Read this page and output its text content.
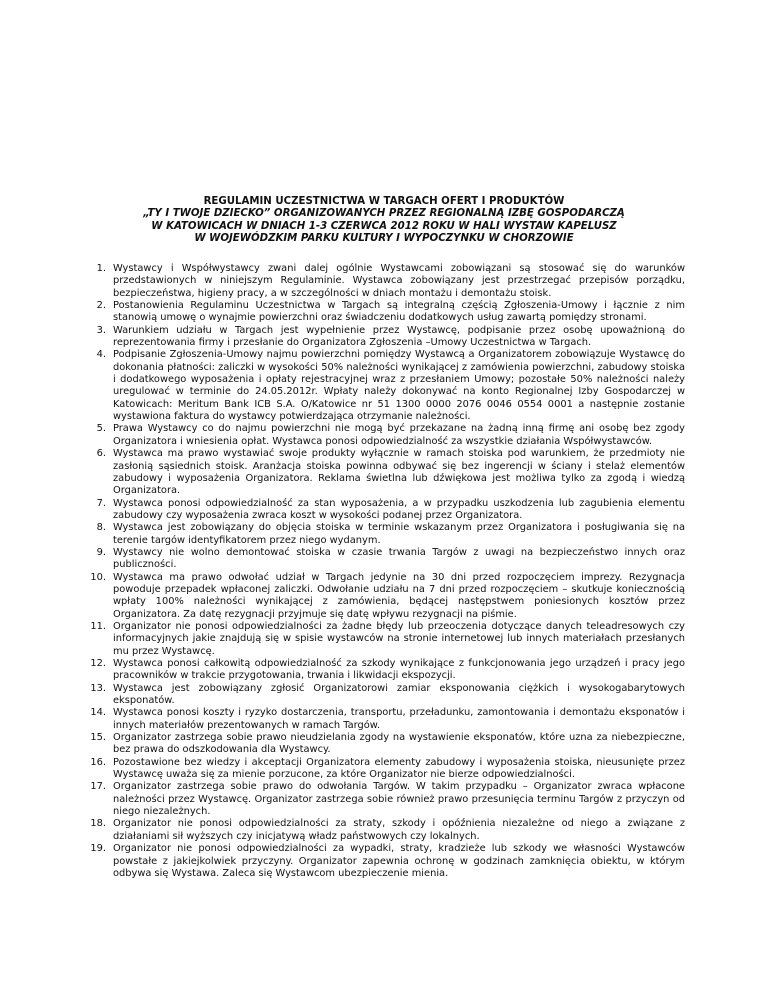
REGULAMIN UCZESTNICTWA W TARGACH OFERT I PRODUKTÓW
„TY I TWOJE DZIECKO” ORGANIZOWANYCH PRZEZ REGIONALNĄ IZBĘ GOSPODARCZĄ
W KATOWICACH W DNIACH 1-3 CZERWCA 2012 ROKU W HALI WYSTAW KAPELUSZ
W WOJEWÓDZKIM PARKU KULTURY I WYPOCZYNKU W CHORZOWIE
1. Wystawcy i Współwystawcy zwani dalej ogólnie Wystawcami zobowiązani są stosować się do warunków przedstawionych w niniejszym Regulaminie. Wystawca zobowiązany jest przestrzegać przepisów porządku, bezpieczeństwa, higieny pracy, a w szczególności w dniach montażu i demontażu stoisk.
2. Postanowienia Regulaminu Uczestnictwa w Targach są integralną częścią Zgłoszenia-Umowy i łącznie z nim stanowią umowę o wynajmie powierzchni oraz świadczeniu dodatkowych usług zawartą pomiędzy stronami.
3. Warunkiem udziału w Targach jest wypełnienie przez Wystawcę, podpisanie przez osobę upoważnioną do reprezentowania firmy i przesłanie do Organizatora Zgłoszenia –Umowy Uczestnictwa w Targach.
4. Podpisanie Zgłoszenia-Umowy najmu powierzchni pomiędzy Wystawcą a Organizatorem zobowiązuje Wystawcę do dokonania płatności: zaliczki w wysokości 50% należności wynikającej z zamówienia powierzchni, zabudowy stoiska i dodatkowego wyposażenia i opłaty rejestracyjnej wraz z przesłaniem Umowy; pozostałe 50% należności należy uregulować w terminie do 24.05.2012r. Wpłaty należy dokonywać na konto Regionalnej Izby Gospodarczej w Katowicach: Meritum Bank ICB S.A. O/Katowice nr 51 1300 0000 2076 0046 0554 0001 a następnie zostanie wystawiona faktura do wystawcy potwierdzająca otrzymanie należności.
5. Prawa Wystawcy co do najmu powierzchni nie mogą być przekazane na żadną inną firmę ani osobę bez zgody Organizatora i wniesienia opłat. Wystawca ponosi odpowiedzialność za wszystkie działania Współwystawców.
6. Wystawca ma prawo wystawiać swoje produkty wyłącznie w ramach stoiska pod warunkiem, że przedmioty nie zasłonią sąsiednich stoisk. Aranżacja stoiska powinna odbywać się bez ingerencji w ściany i stelaż elementów zabudowy i wyposażenia Organizatora. Reklama świetlna lub dźwiękowa jest możliwa tylko za zgodą i wiedzą Organizatora.
7. Wystawca ponosi odpowiedzialność za stan wyposażenia, a w przypadku uszkodzenia lub zagubienia elementu zabudowy czy wyposażenia zwraca koszt w wysokości podanej przez Organizatora.
8. Wystawca jest zobowiązany do objęcia stoiska w terminie wskazanym przez Organizatora i posługiwania się na terenie targów identyfikatorem przez niego wydanym.
9. Wystawcy nie wolno demontować stoiska w czasie trwania Targów z uwagi na bezpieczeństwo innych oraz publiczności.
10. Wystawca ma prawo odwołać udział w Targach jedynie na 30 dni przed rozpoczęciem imprezy. Rezygnacja powoduje przepadek wpłaconej zaliczki. Odwołanie udziału na 7 dni przed rozpoczęciem – skutkuje koniecznością wpłaty 100% należności wynikającej z zamówienia, będącej następstwem poniesionych kosztów przez Organizatora. Za datę rezygnacji przyjmuje się datę wpływu rezygnacji na piśmie.
11. Organizator nie ponosi odpowiedzialności za żadne błędy lub przeoczenia dotyczące danych teleadresowych czy informacyjnych jakie znajdują się w spisie wystawców na stronie internetowej lub innych materiałach przesłanych mu przez Wystawcę.
12. Wystawca ponosi całkowitą odpowiedzialność za szkody wynikające z funkcjonowania jego urządzeń i pracy jego pracowników w trakcie przygotowania, trwania i likwidacji ekspozycji.
13. Wystawca jest zobowiązany zgłosić Organizatorowi zamiar eksponowania ciężkich i wysokogabarytowych eksponatów.
14. Wystawca ponosi koszty i ryzyko dostarczenia, transportu, przeładunku, zamontowania i demontażu eksponatów i innych materiałów prezentowanych w ramach Targów.
15. Organizator zastrzega sobie prawo nieudzielania zgody na wystawienie eksponatów, które uzna za niebezpieczne, bez prawa do odszkodowania dla Wystawcy.
16. Pozostawione bez wiedzy i akceptacji Organizatora elementy zabudowy i wyposażenia stoiska, nieusunięte przez Wystawcę uważa się za mienie porzucone, za które Organizator nie bierze odpowiedzialności.
17. Organizator zastrzega sobie prawo do odwołania Targów. W takim przypadku – Organizator zwraca wpłacone należności przez Wystawcę. Organizator zastrzega sobie również prawo przesunięcia terminu Targów z przyczyn od niego niezależnych.
18. Organizator nie ponosi odpowiedzialności za straty, szkody i opóźnienia niezależne od niego a związane z działaniami sił wyższych czy inicjatywą władz państwowych czy lokalnych.
19. Organizator nie ponosi odpowiedzialności za wypadki, straty, kradzieże lub szkody we własności Wystawców powstałe z jakiejkolwiek przyczyny. Organizator zapewnia ochronę w godzinach zamknięcia obiektu, w którym odbywa się Wystawa. Zaleca się Wystawcom ubezpieczenie mienia.
